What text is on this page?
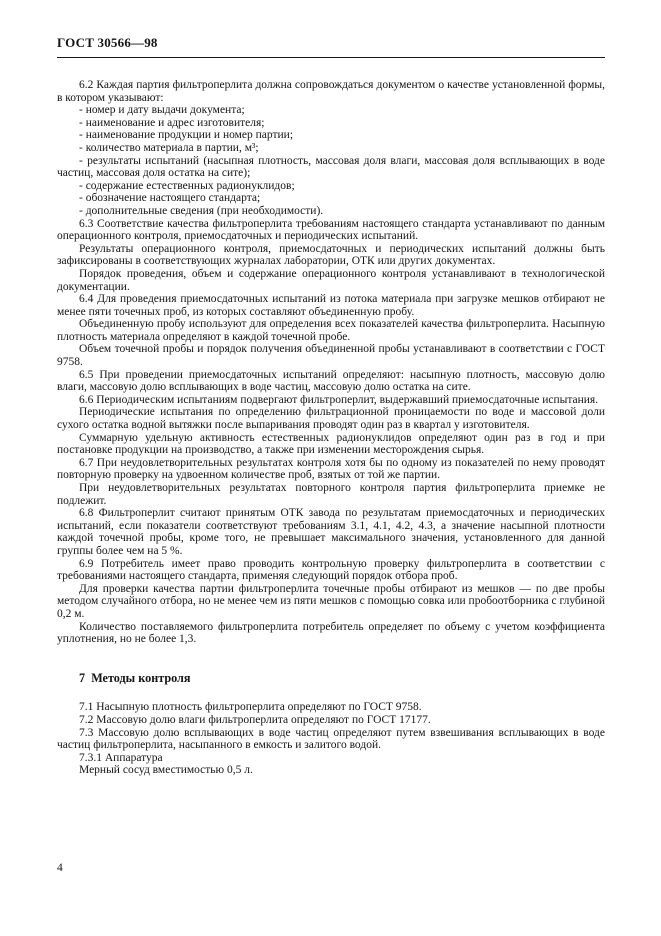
ГОСТ 30566—98

6.2 Каждая партия фильтроперлита должна сопровождаться документом о качестве установленной формы, в котором указывают:

- номер и дату выдачи документа;

- наименование и адрес изготовителя;

- наименование продукции и номер партии;

- количество материала в партии, м³;

- результаты испытаний (насыпная плотность, массовая доля влаги, массовая доля всплывающих в воде частиц, массовая доля остатка на сите);

- содержание естественных радионуклидов;

- обозначение настоящего стандарта;

- дополнительные сведения (при необходимости).

6.3 Соответствие качества фильтроперлита требованиям настоящего стандарта устанавливают по данным операционного контроля, приемосдаточных и периодических испытаний.

Результаты операционного контроля, приемосдаточных и периодических испытаний должны быть зафиксированы в соответствующих журналах лаборатории, ОТК или других документах.

Порядок проведения, объем и содержание операционного контроля устанавливают в технологической документации.

6.4 Для проведения приемосдаточных испытаний из потока материала при загрузке мешков отбирают не менее пяти точечных проб, из которых составляют объединенную пробу.

Объединенную пробу используют для определения всех показателей качества фильтроперлита. Насыпную плотность материала определяют в каждой точечной пробе.

Объем точечной пробы и порядок получения объединенной пробы устанавливают в соответствии с ГОСТ 9758.

6.5 При проведении приемосдаточных испытаний определяют: насыпную плотность, массовую долю влаги, массовую долю всплывающих в воде частиц, массовую долю остатка на сите.

6.6 Периодическим испытаниям подвергают фильтроперлит, выдержавший приемосдаточные испытания.

Периодические испытания по определению фильтрационной проницаемости по воде и массовой доли сухого остатка водной вытяжки после выпаривания проводят один раз в квартал у изготовителя.

Суммарную удельную активность естественных радионуклидов определяют один раз в год и при постановке продукции на производство, а также при изменении месторождения сырья.

6.7 При неудовлетворительных результатах контроля хотя бы по одному из показателей по нему проводят повторную проверку на удвоенном количестве проб, взятых от той же партии.

При неудовлетворительных результатах повторного контроля партия фильтроперлита приемке не подлежит.

6.8 Фильтроперлит считают принятым ОТК завода по результатам приемосдаточных и периодических испытаний, если показатели соответствуют требованиям 3.1, 4.1, 4.2, 4.3, а значение насыпной плотности каждой точечной пробы, кроме того, не превышает максимального значения, установленного для данной группы более чем на 5 %.

6.9 Потребитель имеет право проводить контрольную проверку фильтроперлита в соответствии с требованиями настоящего стандарта, применяя следующий порядок отбора проб.

Для проверки качества партии фильтроперлита точечные пробы отбирают из мешков — по две пробы методом случайного отбора, но не менее чем из пяти мешков с помощью совка или пробоотборника с глубиной 0,2 м.

Количество поставляемого фильтроперлита потребитель определяет по объему с учетом коэффициента уплотнения, но не более 1,3.

7  Методы контроля

7.1 Насыпную плотность фильтроперлита определяют по ГОСТ 9758.

7.2 Массовую долю влаги фильтроперлита определяют по ГОСТ 17177.

7.3 Массовую долю всплывающих в воде частиц определяют путем взвешивания всплывающих в воде частиц фильтроперлита, насыпанного в емкость и залитого водой.

7.3.1 Аппаратура

Мерный сосуд вместимостью 0,5 л.

4
